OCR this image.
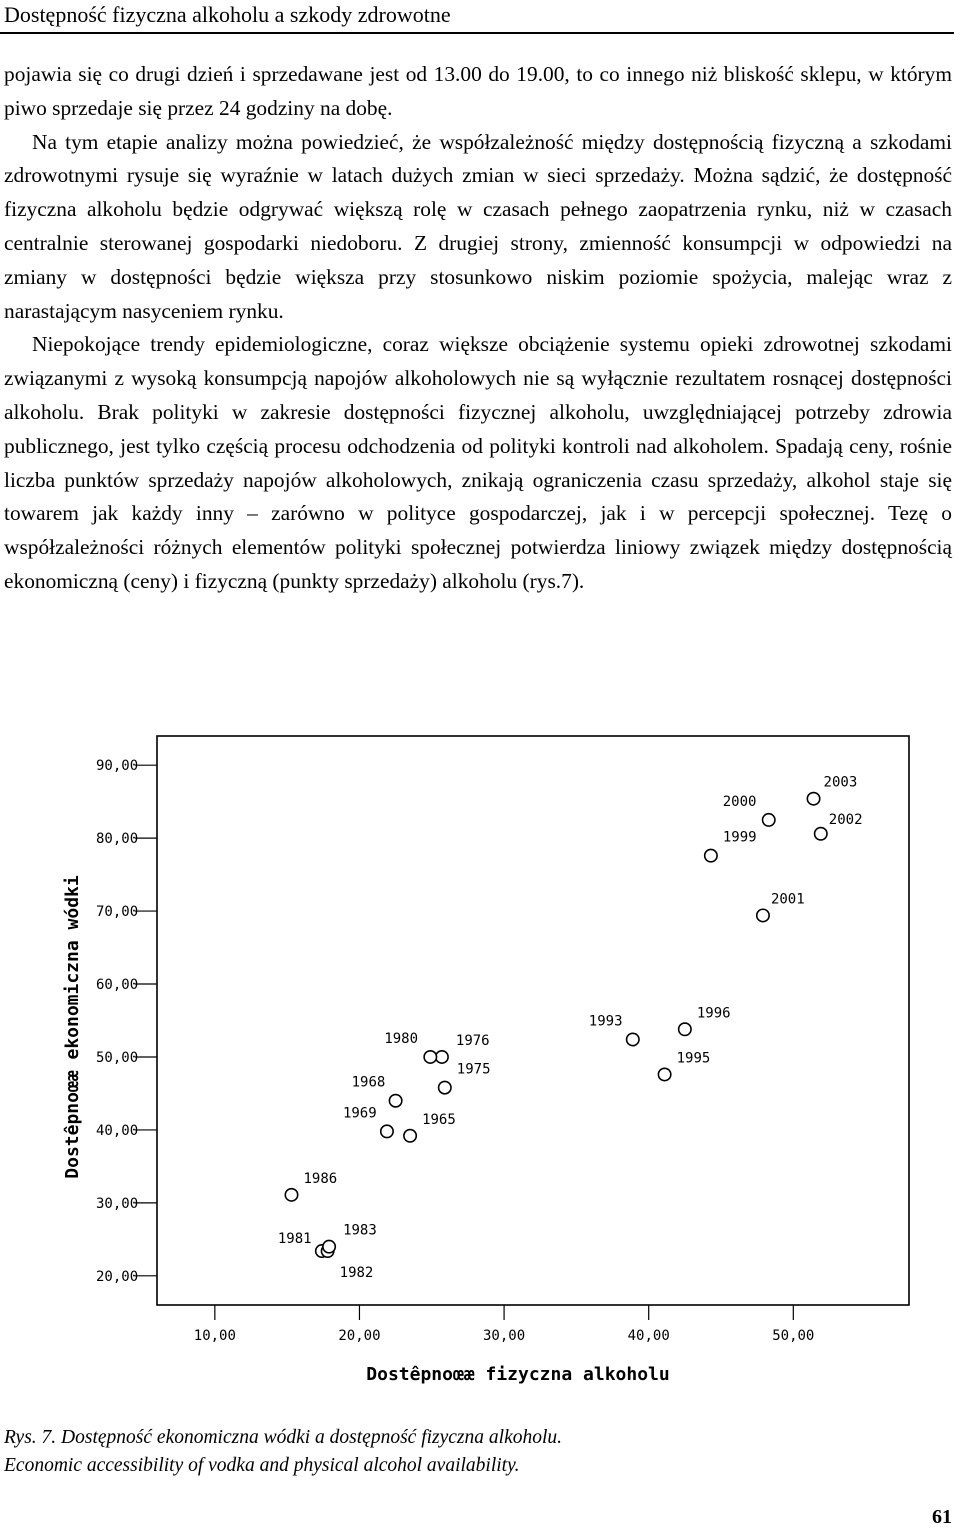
Dostępność fizyczna alkoholu a szkody zdrowotne

pojawia się co drugi dzień i sprzedawane jest od 13.00 do 19.00, to co innego niż bliskość sklepu, w którym piwo sprzedaje się przez 24 godziny na dobę.

Na tym etapie analizy można powiedzieć, że współzależność między dostępnością fizyczną a szkodami zdrowotnymi rysuje się wyraźnie w latach dużych zmian w sieci sprzedaży. Można sądzić, że dostępność fizyczna alkoholu będzie odgrywać większą rolę w czasach pełnego zaopatrzenia rynku, niż w czasach centralnie sterowanej gospodarki niedoboru. Z drugiej strony, zmienność konsumpcji w odpowiedzi na zmiany w dostępności będzie większa przy stosunkowo niskim poziomie spożycia, malejąc wraz z narastającym nasyceniem rynku.

Niepokojące trendy epidemiologiczne, coraz większe obciążenie systemu opieki zdrowotnej szkodami związanymi z wysoką konsumpcją napojów alkoholowych nie są wyłącznie rezultatem rosnącej dostępności alkoholu. Brak polityki w zakresie dostępności fizycznej alkoholu, uwzględniającej potrzeby zdrowia publicznego, jest tylko częścią procesu odchodzenia od polityki kontroli nad alkoholem. Spadają ceny, rośnie liczba punktów sprzedaży napojów alkoholowych, znikają ograniczenia czasu sprzedaży, alkohol staje się towarem jak każdy inny – zarówno w polityce gospodarczej, jak i w percepcji społecznej. Tezę o współzależności różnych elementów polityki społecznej potwierdza liniowy związek między dostępnością ekonomiczną (ceny) i fizyczną (punkty sprzedaży) alkoholu (rys.7).

20,00
30,00
40,00
50,00
60,00
70,00
80,00
90,00
10,00	20,00	30,00	40,00	50,00
Dostêpnoœæ fizyczna alkoholu
Dostêpnoœæ ekonomiczna wódki	1965
1968
1969
1975
1976
1980
1981
1982
1983
1986
1993
1995
1996
1999
2000
2001
2002
2003
Rys. 7. Dostępność ekonomiczna wódki a dostępność fizyczna alkoholu.
Economic accessibility of vodka and physical alcohol availability.
61
